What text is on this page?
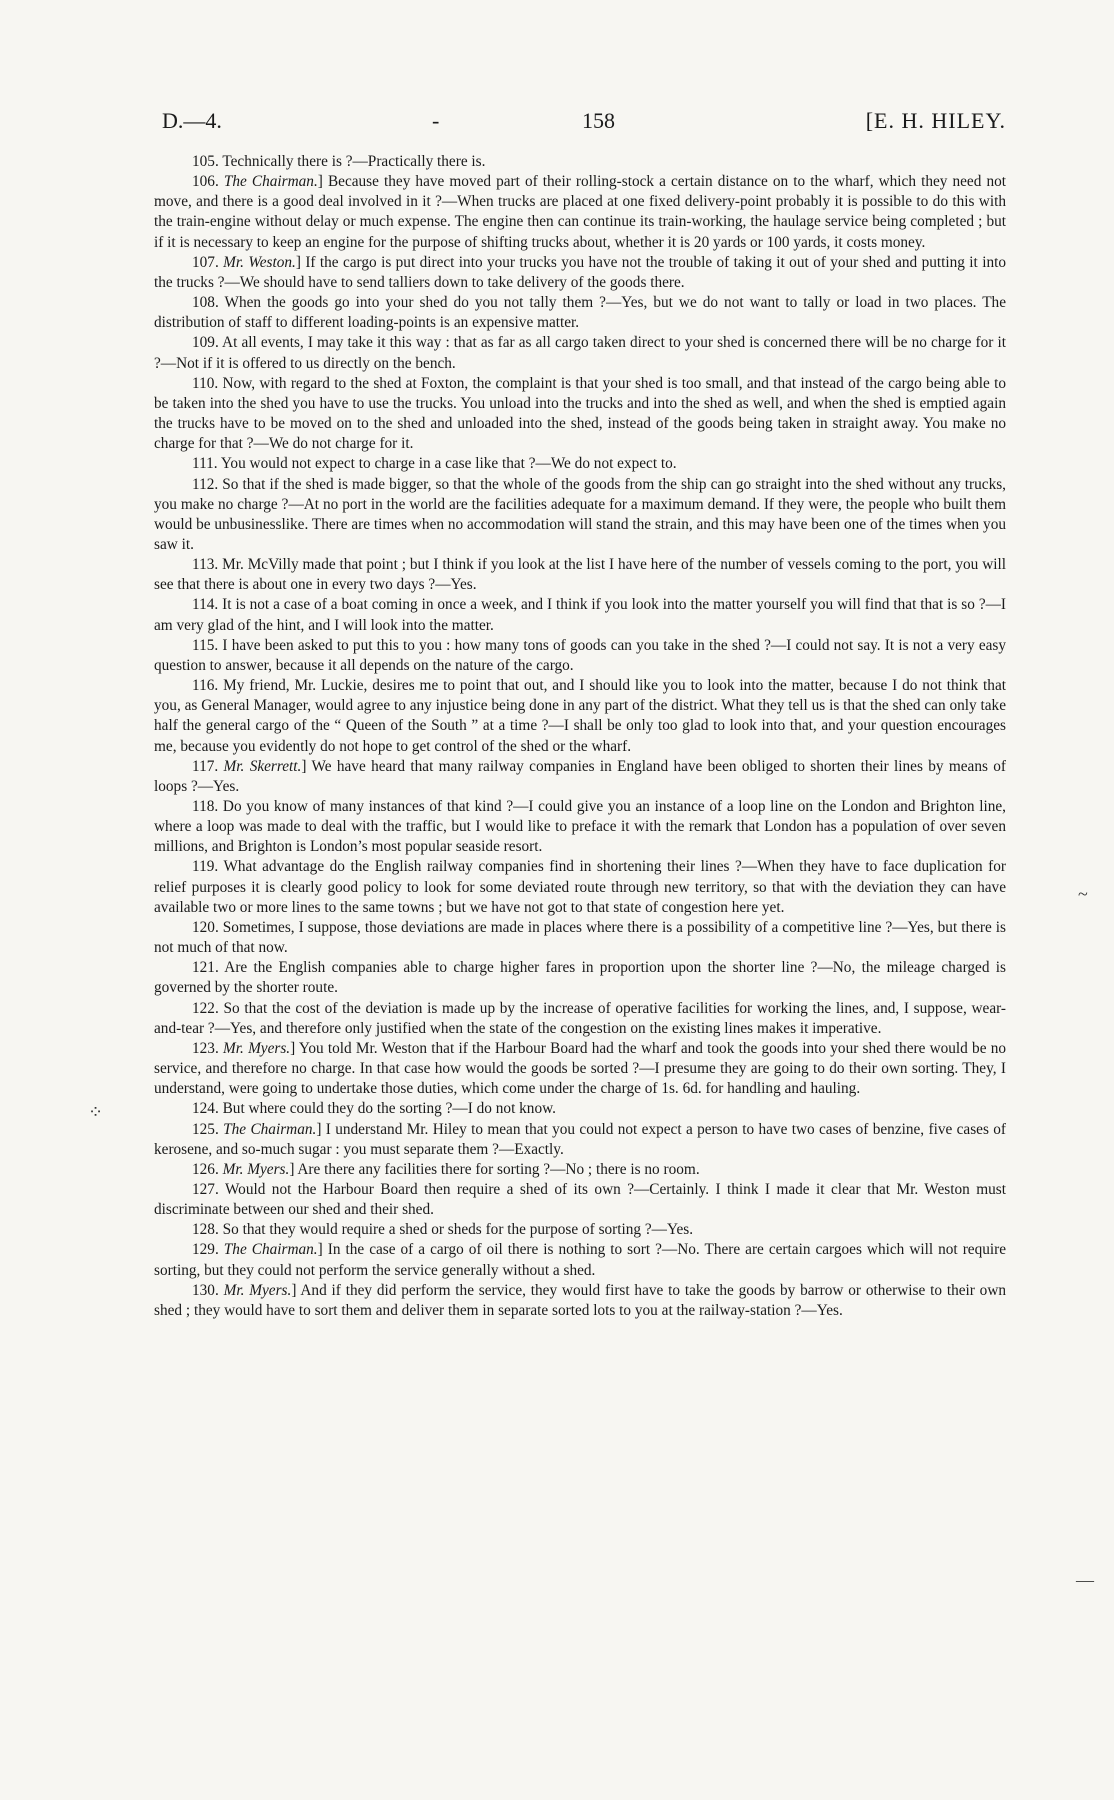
D.—4.	-	158	[E. H. HILEY.

105. Technically there is ?—Practically there is.

106. The Chairman.] Because they have moved part of their rolling-stock a certain distance on to the wharf, which they need not move, and there is a good deal involved in it ?—When trucks are placed at one fixed delivery-point probably it is possible to do this with the train-engine without delay or much expense. The engine then can continue its train-working, the haulage service being completed ; but if it is necessary to keep an engine for the purpose of shifting trucks about, whether it is 20 yards or 100 yards, it costs money.

107. Mr. Weston.] If the cargo is put direct into your trucks you have not the trouble of taking it out of your shed and putting it into the trucks ?—We should have to send talliers down to take delivery of the goods there.

108. When the goods go into your shed do you not tally them ?—Yes, but we do not want to tally or load in two places. The distribution of staff to different loading-points is an expensive matter.

109. At all events, I may take it this way : that as far as all cargo taken direct to your shed is concerned there will be no charge for it ?—Not if it is offered to us directly on the bench.

110. Now, with regard to the shed at Foxton, the complaint is that your shed is too small, and that instead of the cargo being able to be taken into the shed you have to use the trucks. You unload into the trucks and into the shed as well, and when the shed is emptied again the trucks have to be moved on to the shed and unloaded into the shed, instead of the goods being taken in straight away. You make no charge for that ?—We do not charge for it.

111. You would not expect to charge in a case like that ?—We do not expect to.

112. So that if the shed is made bigger, so that the whole of the goods from the ship can go straight into the shed without any trucks, you make no charge ?—At no port in the world are the facilities adequate for a maximum demand. If they were, the people who built them would be unbusinesslike. There are times when no accommodation will stand the strain, and this may have been one of the times when you saw it.

113. Mr. McVilly made that point ; but I think if you look at the list I have here of the number of vessels coming to the port, you will see that there is about one in every two days ?—Yes.

114. It is not a case of a boat coming in once a week, and I think if you look into the matter yourself you will find that that is so ?—I am very glad of the hint, and I will look into the matter.

115. I have been asked to put this to you : how many tons of goods can you take in the shed ?—I could not say. It is not a very easy question to answer, because it all depends on the nature of the cargo.

116. My friend, Mr. Luckie, desires me to point that out, and I should like you to look into the matter, because I do not think that you, as General Manager, would agree to any injustice being done in any part of the district. What they tell us is that the shed can only take half the general cargo of the “ Queen of the South ” at a time ?—I shall be only too glad to look into that, and your question encourages me, because you evidently do not hope to get control of the shed or the wharf.

117. Mr. Skerrett.] We have heard that many railway companies in England have been obliged to shorten their lines by means of loops ?—Yes.

118. Do you know of many instances of that kind ?—I could give you an instance of a loop line on the London and Brighton line, where a loop was made to deal with the traffic, but I would like to preface it with the remark that London has a population of over seven millions, and Brighton is London’s most popular seaside resort.

119. What advantage do the English railway companies find in shortening their lines ?—When they have to face duplication for relief purposes it is clearly good policy to look for some deviated route through new territory, so that with the deviation they can have available two or more lines to the same towns ; but we have not got to that state of congestion here yet.

120. Sometimes, I suppose, those deviations are made in places where there is a possibility of a competitive line ?—Yes, but there is not much of that now.

121. Are the English companies able to charge higher fares in proportion upon the shorter line ?—No, the mileage charged is governed by the shorter route.

122. So that the cost of the deviation is made up by the increase of operative facilities for working the lines, and, I suppose, wear-and-tear ?—Yes, and therefore only justified when the state of the congestion on the existing lines makes it imperative.

123. Mr. Myers.] You told Mr. Weston that if the Harbour Board had the wharf and took the goods into your shed there would be no service, and therefore no charge. In that case how would the goods be sorted ?—I presume they are going to do their own sorting. They, I understand, were going to undertake those duties, which come under the charge of 1s. 6d. for handling and hauling.

124. But where could they do the sorting ?—I do not know.

125. The Chairman.] I understand Mr. Hiley to mean that you could not expect a person to have two cases of benzine, five cases of kerosene, and so-much sugar : you must separate them ?—Exactly.

126. Mr. Myers.] Are there any facilities there for sorting ?—No ; there is no room.

127. Would not the Harbour Board then require a shed of its own ?—Certainly. I think I made it clear that Mr. Weston must discriminate between our shed and their shed.

128. So that they would require a shed or sheds for the purpose of sorting ?—Yes.

129. The Chairman.] In the case of a cargo of oil there is nothing to sort ?—No. There are certain cargoes which will not require sorting, but they could not perform the service generally without a shed.

130. Mr. Myers.] And if they did perform the service, they would first have to take the goods by barrow or otherwise to their own shed ; they would have to sort them and deliver them in separate sorted lots to you at the railway-station ?—Yes.

~
⁘
—
